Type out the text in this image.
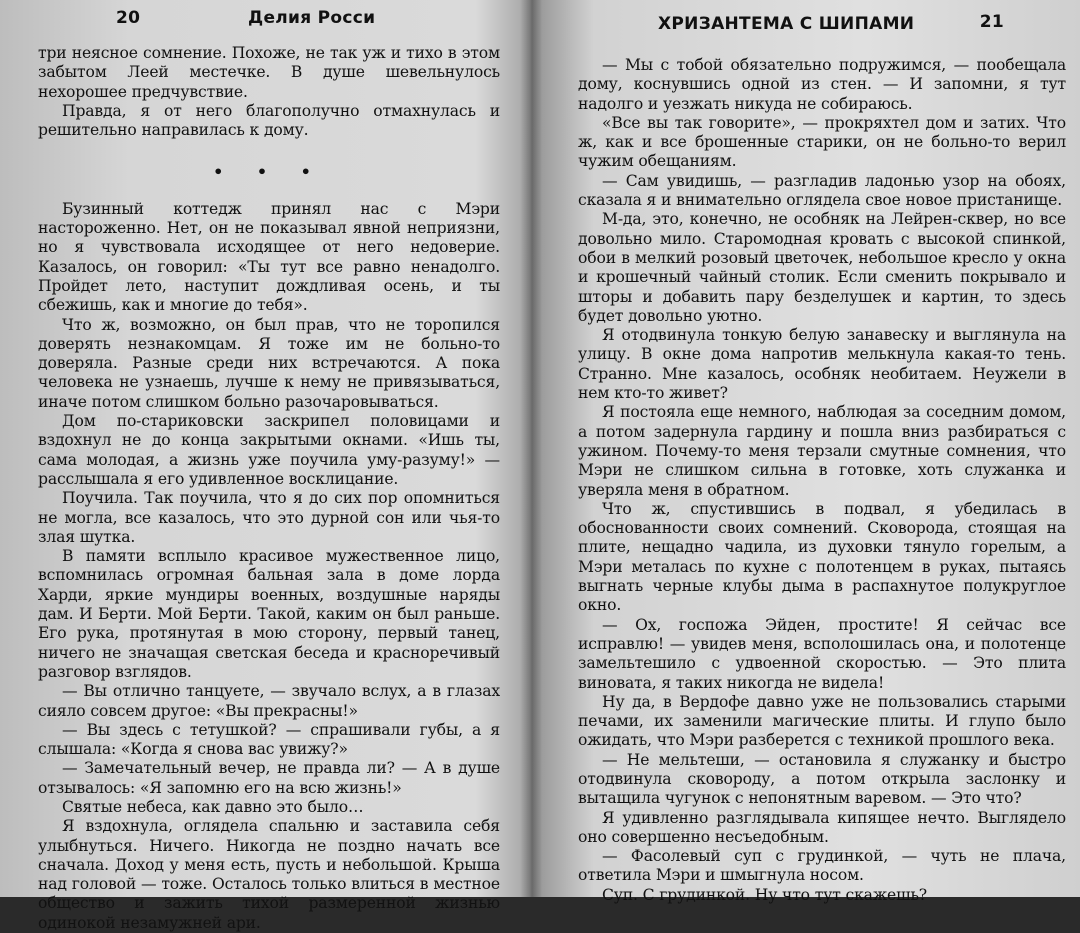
20	Делия Росси

три неясное сомнение. Похоже, не так уж и тихо в этом забытом Леей местечке. В душе шевельнулось нехорошее предчувствие.

Правда, я от него благополучно отмахнулась и решительно направилась к дому.

• • •

Бузинный коттедж принял нас с Мэри настороженно. Нет, он не показывал явной неприязни, но я чувствовала исходящее от него недоверие. Казалось, он говорил: «Ты тут все равно ненадолго. Пройдет лето, наступит дождливая осень, и ты сбежишь, как и многие до тебя».

Что ж, возможно, он был прав, что не торопился доверять незнакомцам. Я тоже им не больно-то доверяла. Разные среди них встречаются. А пока человека не узнаешь, лучше к нему не привязываться, иначе потом слишком больно разочаровываться.

Дом по-стариковски заскрипел половицами и вздохнул не до конца закрытыми окнами. «Ишь ты, сама молодая, а жизнь уже поучила уму-разуму!» — расслышала я его удивленное восклицание.

Поучила. Так поучила, что я до сих пор опомниться не могла, все казалось, что это дурной сон или чья-то злая шутка.

В памяти всплыло красивое мужественное лицо, вспомнилась огромная бальная зала в доме лорда Харди, яркие мундиры военных, воздушные наряды дам. И Берти. Мой Берти. Такой, каким он был раньше. Его рука, протянутая в мою сторону, первый танец, ничего не значащая светская беседа и красноречивый разговор взглядов.

— Вы отлично танцуете, — звучало вслух, а в глазах сияло совсем другое: «Вы прекрасны!»

— Вы здесь с тетушкой? — спрашивали губы, а я слышала: «Когда я снова вас увижу?»

— Замечательный вечер, не правда ли? — А в душе отзывалось: «Я запомню его на всю жизнь!»

Святые небеса, как давно это было…

Я вздохнула, оглядела спальню и заставила себя улыбнуться. Ничего. Никогда не поздно начать все сначала. Доход у меня есть, пусть и небольшой. Крыша над головой — тоже. Осталось только влиться в местное общество и зажить тихой размеренной жизнью одинокой незамужней ари.

ХРИЗАНТЕМА С ШИПАМИ	21

— Мы с тобой обязательно подружимся, — пообещала дому, коснувшись одной из стен. — И запомни, я тут надолго и уезжать никуда не собираюсь.

«Все вы так говорите», — прокряхтел дом и затих. Что ж, как и все брошенные старики, он не больно-то верил чужим обещаниям.

— Сам увидишь, — разгладив ладонью узор на обоях, сказала я и внимательно оглядела свое новое пристанище.

М-да, это, конечно, не особняк на Лейрен-сквер, но все довольно мило. Старомодная кровать с высокой спинкой, обои в мелкий розовый цветочек, небольшое кресло у окна и крошечный чайный столик. Если сменить покрывало и шторы и добавить пару безделушек и картин, то здесь будет довольно уютно.

Я отодвинула тонкую белую занавеску и выглянула на улицу. В окне дома напротив мелькнула какая-то тень. Странно. Мне казалось, особняк необитаем. Неужели в нем кто-то живет?

Я постояла еще немного, наблюдая за соседним домом, а потом задернула гардину и пошла вниз разбираться с ужином. Почему-то меня терзали смутные сомнения, что Мэри не слишком сильна в готовке, хоть служанка и уверяла меня в обратном.

Что ж, спустившись в подвал, я убедилась в обоснованности своих сомнений. Сковорода, стоящая на плите, нещадно чадила, из духовки тянуло горелым, а Мэри металась по кухне с полотенцем в руках, пытаясь выгнать черные клубы дыма в распахнутое полукруглое окно.

— Ох, госпожа Эйден, простите! Я сейчас все исправлю! — увидев меня, всполошилась она, и полотенце замельтешило с удвоенной скоростью. — Это плита виновата, я таких никогда не видела!

Ну да, в Вердофе давно уже не пользовались старыми печами, их заменили магические плиты. И глупо было ожидать, что Мэри разберется с техникой прошлого века.

— Не мельтеши, — остановила я служанку и быстро отодвинула сковороду, а потом открыла заслонку и вытащила чугунок с непонятным варевом. — Это что?

Я удивленно разглядывала кипящее нечто. Выглядело оно совершенно несъедобным.

— Фасолевый суп с грудинкой, — чуть не плача, ответила Мэри и шмыгнула носом.

Суп. С грудинкой. Ну что тут скажешь?
